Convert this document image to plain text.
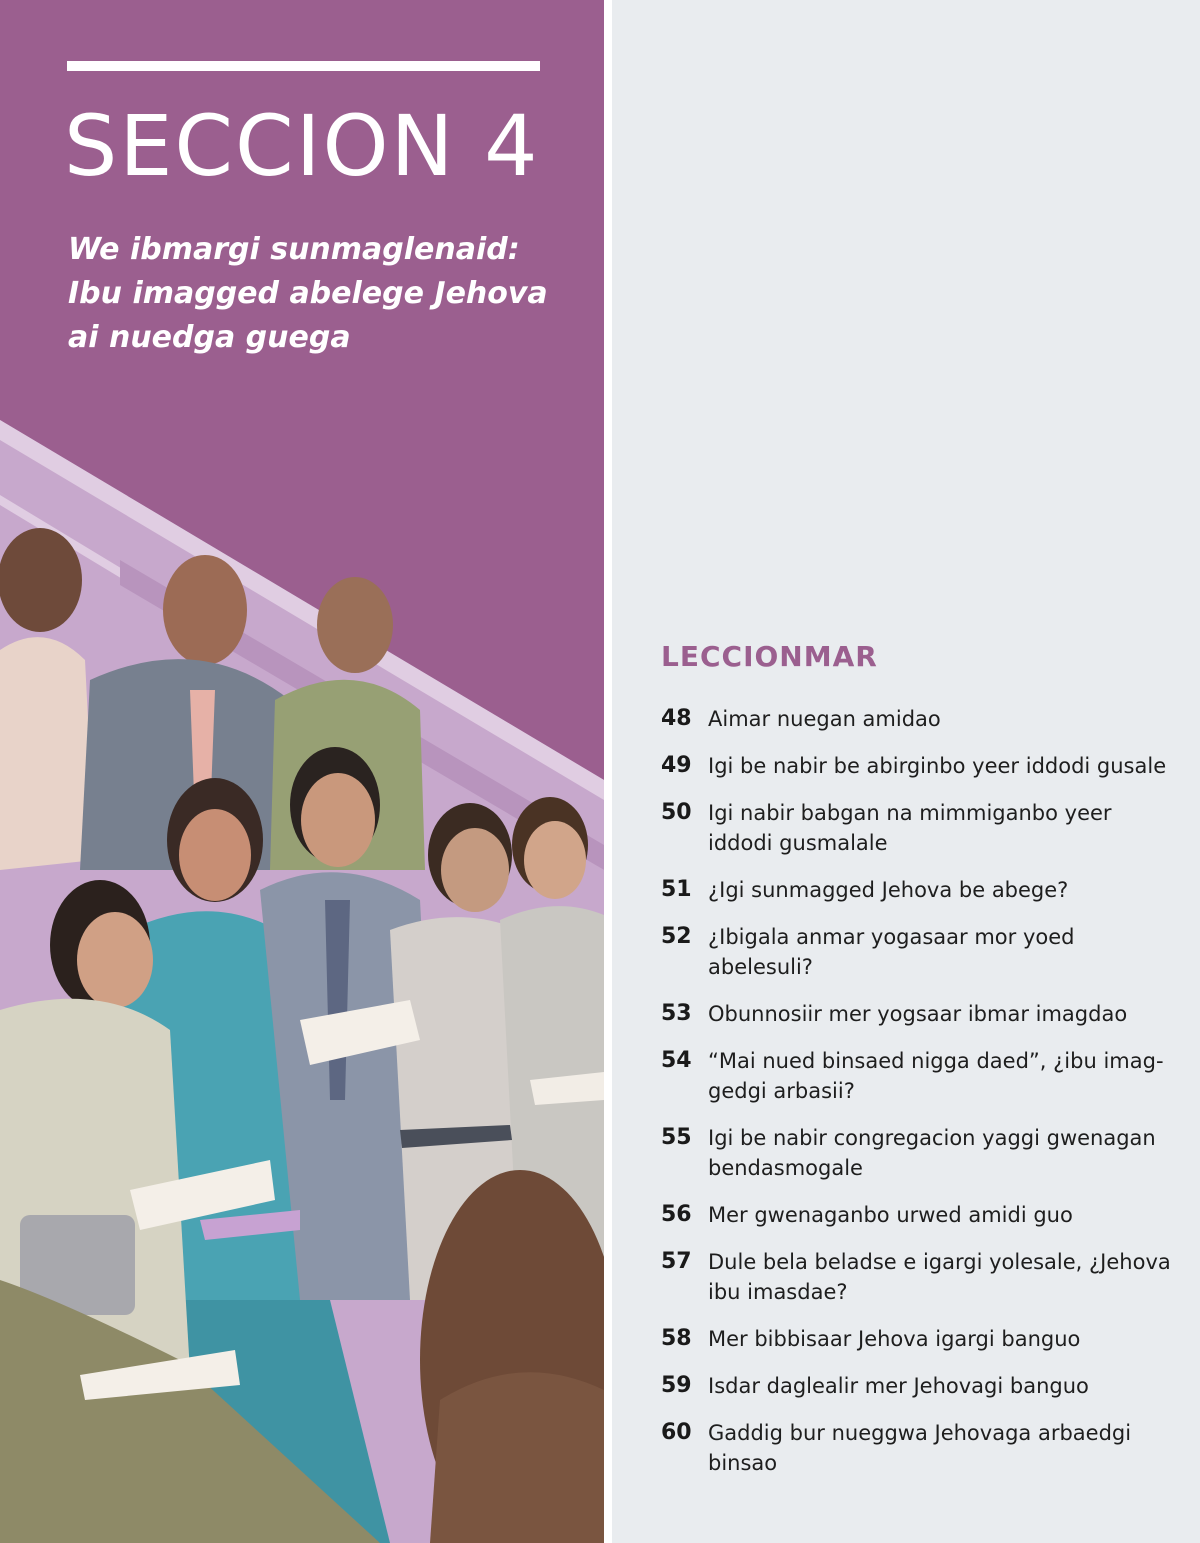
SECCION 4
We ibmargi sunmaglenaid:
Ibu imagged abelege Jehova
ai nuedga guega
LECCIONMAR
48 Aimar nuegan amidao
49 Igi be nabir be abirginbo yeer iddodi gusale
50 Igi nabir babgan na mimmiganbo yeer iddodi gusmalale
51 ¿Igi sunmagged Jehova be abege?
52 ¿Ibigala anmar yogasaar mor yoed abelesuli?
53 Obunnosiir mer yogsaar ibmar imagdao
54 “Mai nued binsaed nigga daed”, ¿ibu imag-gedgi arbasii?
55 Igi be nabir congregacion yaggi gwenagan bendasmogale
56 Mer gwenaganbo urwed amidi guo
57 Dule bela beladse e igargi yolesale, ¿Jehova ibu imasdae?
58 Mer bibbisaar Jehova igargi banguo
59 Isdar daglealir mer Jehovagi banguo
60 Gaddig bur nueggwa Jehovaga arbaedgi binsao
